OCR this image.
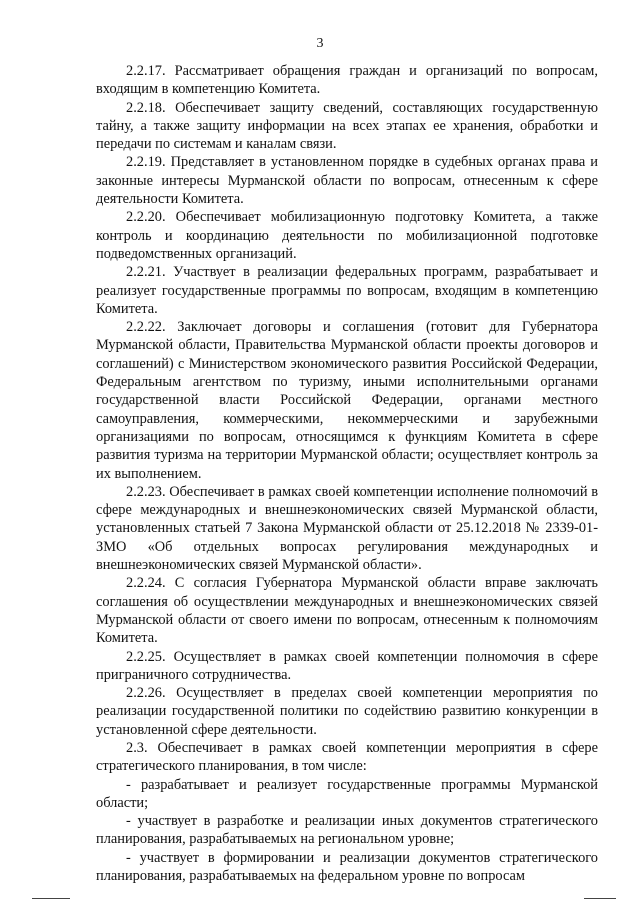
3

2.2.17. Рассматривает обращения граждан и организаций по вопросам, входящим в компетенцию Комитета.

2.2.18. Обеспечивает защиту сведений, составляющих государственную тайну, а также защиту информации на всех этапах ее хранения, обработки и передачи по системам и каналам связи.

2.2.19. Представляет в установленном порядке в судебных органах права и законные интересы Мурманской области по вопросам, отнесенным к сфере деятельности Комитета.

2.2.20. Обеспечивает мобилизационную подготовку Комитета, а также контроль и координацию деятельности по мобилизационной подготовке подведомственных организаций.

2.2.21. Участвует в реализации федеральных программ, разрабатывает и реализует государственные программы по вопросам, входящим в компетенцию Комитета.

2.2.22. Заключает договоры и соглашения (готовит для Губернатора Мурманской области, Правительства Мурманской области проекты договоров и соглашений) с Министерством экономического развития Российской Федерации, Федеральным агентством по туризму, иными исполнительными органами государственной власти Российской Федерации, органами местного самоуправления, коммерческими, некоммерческими и зарубежными организациями по вопросам, относящимся к функциям Комитета в сфере развития туризма на территории Мурманской области; осуществляет контроль за их выполнением.

2.2.23. Обеспечивает в рамках своей компетенции исполнение полномочий в сфере международных и внешнеэкономических связей Мурманской области, установленных статьей 7 Закона Мурманской области от 25.12.2018 № 2339-01-ЗМО «Об отдельных вопросах регулирования международных и внешнеэкономических связей Мурманской области».

2.2.24. С согласия Губернатора Мурманской области вправе заключать соглашения об осуществлении международных и внешнеэкономических связей Мурманской области от своего имени по вопросам, отнесенным к полномочиям Комитета.

2.2.25. Осуществляет в рамках своей компетенции полномочия в сфере приграничного сотрудничества.

2.2.26. Осуществляет в пределах своей компетенции мероприятия по реализации государственной политики по содействию развитию конкуренции в установленной сфере деятельности.

2.3. Обеспечивает в рамках своей компетенции мероприятия в сфере стратегического планирования, в том числе:

- разрабатывает и реализует государственные программы Мурманской области;

- участвует в разработке и реализации иных документов стратегического планирования, разрабатываемых на региональном уровне;

- участвует в формировании и реализации документов стратегического планирования, разрабатываемых на федеральном уровне по вопросам
